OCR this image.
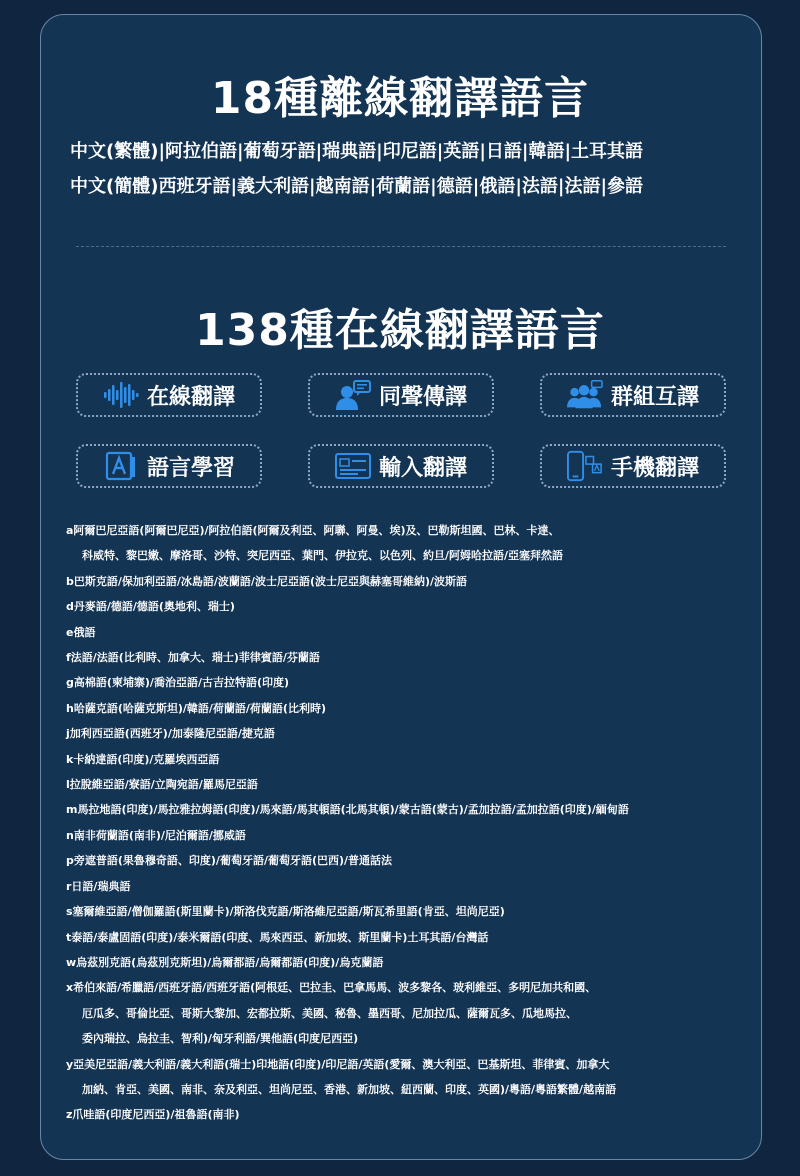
18種離線翻譯語言
中文(繁體)|阿拉伯語|葡萄牙語|瑞典語|印尼語|英語|日語|韓語|土耳其語
中文(簡體)西班牙語|義大利語|越南語|荷蘭語|德語|俄語|法語|法語|參語
138種在線翻譯語言
在線翻譯	同聲傳譯	群組互譯
語言學習	輸入翻譯	手機翻譯
a阿爾巴尼亞語(阿爾巴尼亞)/阿拉伯語(阿爾及利亞、阿聯、阿曼、埃)及、巴勒斯坦國、巴林、卡達、
科威特、黎巴嫩、摩洛哥、沙特、突尼西亞、葉門、伊拉克、以色列、約旦/阿姆哈拉語/亞塞拜然語
b巴斯克語/保加利亞語/冰島語/波蘭語/波士尼亞語(波士尼亞與赫塞哥維納)/波斯語
d丹麥語/德語/德語(奧地利、瑞士)
e俄語
f法語/法語(比利時、加拿大、瑞士)菲律賓語/芬蘭語
g高棉語(柬埔寨)/喬治亞語/古吉拉特語(印度)
h哈薩克語(哈薩克斯坦)/韓語/荷蘭語/荷蘭語(比利時)
j加利西亞語(西班牙)/加泰隆尼亞語/捷克語
k卡納達語(印度)/克羅埃西亞語
l拉脫維亞語/寮語/立陶宛語/羅馬尼亞語
m馬拉地語(印度)/馬拉雅拉姆語(印度)/馬來語/馬其頓語(北馬其頓)/蒙古語(蒙古)/孟加拉語/孟加拉語(印度)/緬甸語
n南非荷蘭語(南非)/尼泊爾語/挪威語
p旁遮普語(果魯穆奇語、印度)/葡萄牙語/葡萄牙語(巴西)/普通話法
r日語/瑞典語
s塞爾維亞語/僧伽羅語(斯里蘭卡)/斯洛伐克語/斯洛維尼亞語/斯瓦希里語(肯亞、坦尚尼亞)
t泰語/泰盧固語(印度)/泰米爾語(印度、馬來西亞、新加坡、斯里蘭卡)土耳其語/台灣話
w烏茲別克語(烏茲別克斯坦)/烏爾都語/烏爾都語(印度)/烏克蘭語
x希伯來語/希臘語/西班牙語/西班牙語(阿根廷、巴拉圭、巴拿馬馬、波多黎各、玻利維亞、多明尼加共和國、
厄瓜多、哥倫比亞、哥斯大黎加、宏都拉斯、美國、秘魯、墨西哥、尼加拉瓜、薩爾瓦多、瓜地馬拉、
委內瑞拉、烏拉圭、智利)/匈牙利語/巽他語(印度尼西亞)
y亞美尼亞語/義大利語/義大利語(瑞士)印地語(印度)/印尼語/英語(愛爾、澳大利亞、巴基斯坦、菲律賓、加拿大
加納、肯亞、美國、南非、奈及利亞、坦尚尼亞、香港、新加坡、紐西蘭、印度、英國)/粵語/粵語繁體/越南語
z爪哇語(印度尼西亞)/祖魯語(南非)
